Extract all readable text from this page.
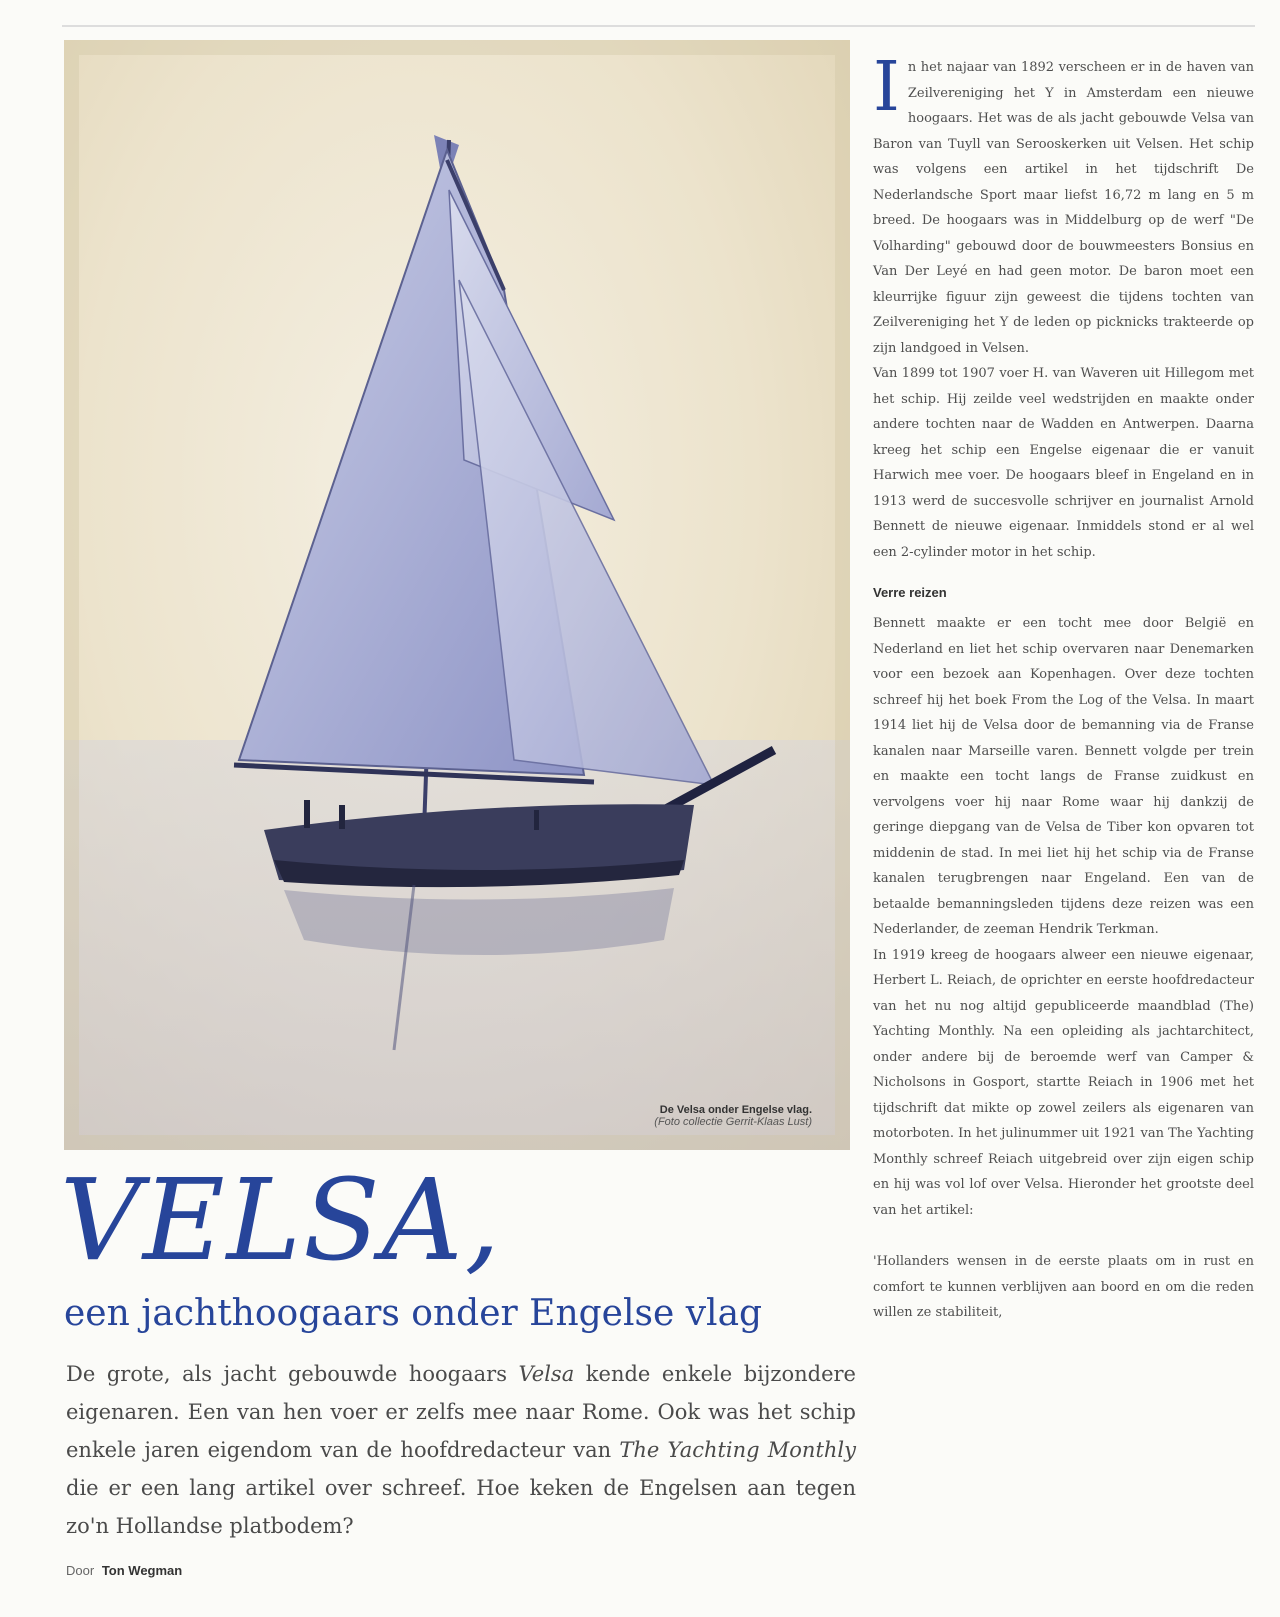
De Velsa onder Engelse vlag.
(Foto collectie Gerrit-Klaas Lust)
VELSA,
een jachthoogaars onder Engelse vlag

De grote, als jacht gebouwde hoogaars Velsa kende enkele bijzondere eigenaren. Een van hen voer er zelfs mee naar Rome. Ook was het schip enkele jaren eigendom van de hoofdredacteur van The Yachting Monthly die er een lang artikel over schreef. Hoe keken de Engelsen aan tegen zo'n Hollandse platbodem?

Door Ton Wegman
I n het najaar van 1892 verscheen er in de haven van Zeilvereniging het Y in Amsterdam een nieuwe hoogaars. Het was de als jacht gebouwde Velsa van Baron van Tuyll van Serooskerken uit Velsen. Het schip was volgens een artikel in het tijdschrift De Nederlandsche Sport maar liefst 16,72 m lang en 5 m breed. De hoogaars was in Middelburg op de werf "De Volharding" gebouwd door de bouwmeesters Bonsius en Van Der Leyé en had geen motor. De baron moet een kleurrijke figuur zijn geweest die tijdens tochten van Zeilvereniging het Y de leden op picknicks trakteerde op zijn landgoed in Velsen.

Van 1899 tot 1907 voer H. van Waveren uit Hillegom met het schip. Hij zeilde veel wedstrijden en maakte onder andere tochten naar de Wadden en Antwerpen. Daarna kreeg het schip een Engelse eigenaar die er vanuit Harwich mee voer. De hoogaars bleef in Engeland en in 1913 werd de succesvolle schrijver en journalist Arnold Bennett de nieuwe eigenaar. Inmiddels stond er al wel een 2-cylinder motor in het schip.

Verre reizen

Bennett maakte er een tocht mee door België en Nederland en liet het schip overvaren naar Denemarken voor een bezoek aan Kopenhagen. Over deze tochten schreef hij het boek From the Log of the Velsa. In maart 1914 liet hij de Velsa door de bemanning via de Franse kanalen naar Marseille varen. Bennett volgde per trein en maakte een tocht langs de Franse zuidkust en vervolgens voer hij naar Rome waar hij dankzij de geringe diepgang van de Velsa de Tiber kon opvaren tot middenin de stad. In mei liet hij het schip via de Franse kanalen terugbrengen naar Engeland. Een van de betaalde bemanningsleden tijdens deze reizen was een Nederlander, de zeeman Hendrik Terkman.

In 1919 kreeg de hoogaars alweer een nieuwe eigenaar, Herbert L. Reiach, de oprichter en eerste hoofdredacteur van het nu nog altijd gepubliceerde maandblad (The) Yachting Monthly. Na een opleiding als jachtarchitect, onder andere bij de beroemde werf van Camper & Nicholsons in Gosport, startte Reiach in 1906 met het tijdschrift dat mikte op zowel zeilers als eigenaren van motorboten. In het julinummer uit 1921 van The Yachting Monthly schreef Reiach uitgebreid over zijn eigen schip en hij was vol lof over Velsa. Hieronder het grootste deel van het artikel:

'Hollanders wensen in de eerste plaats om in rust en comfort te kunnen verblijven aan boord en om die reden willen ze stabiliteit,
